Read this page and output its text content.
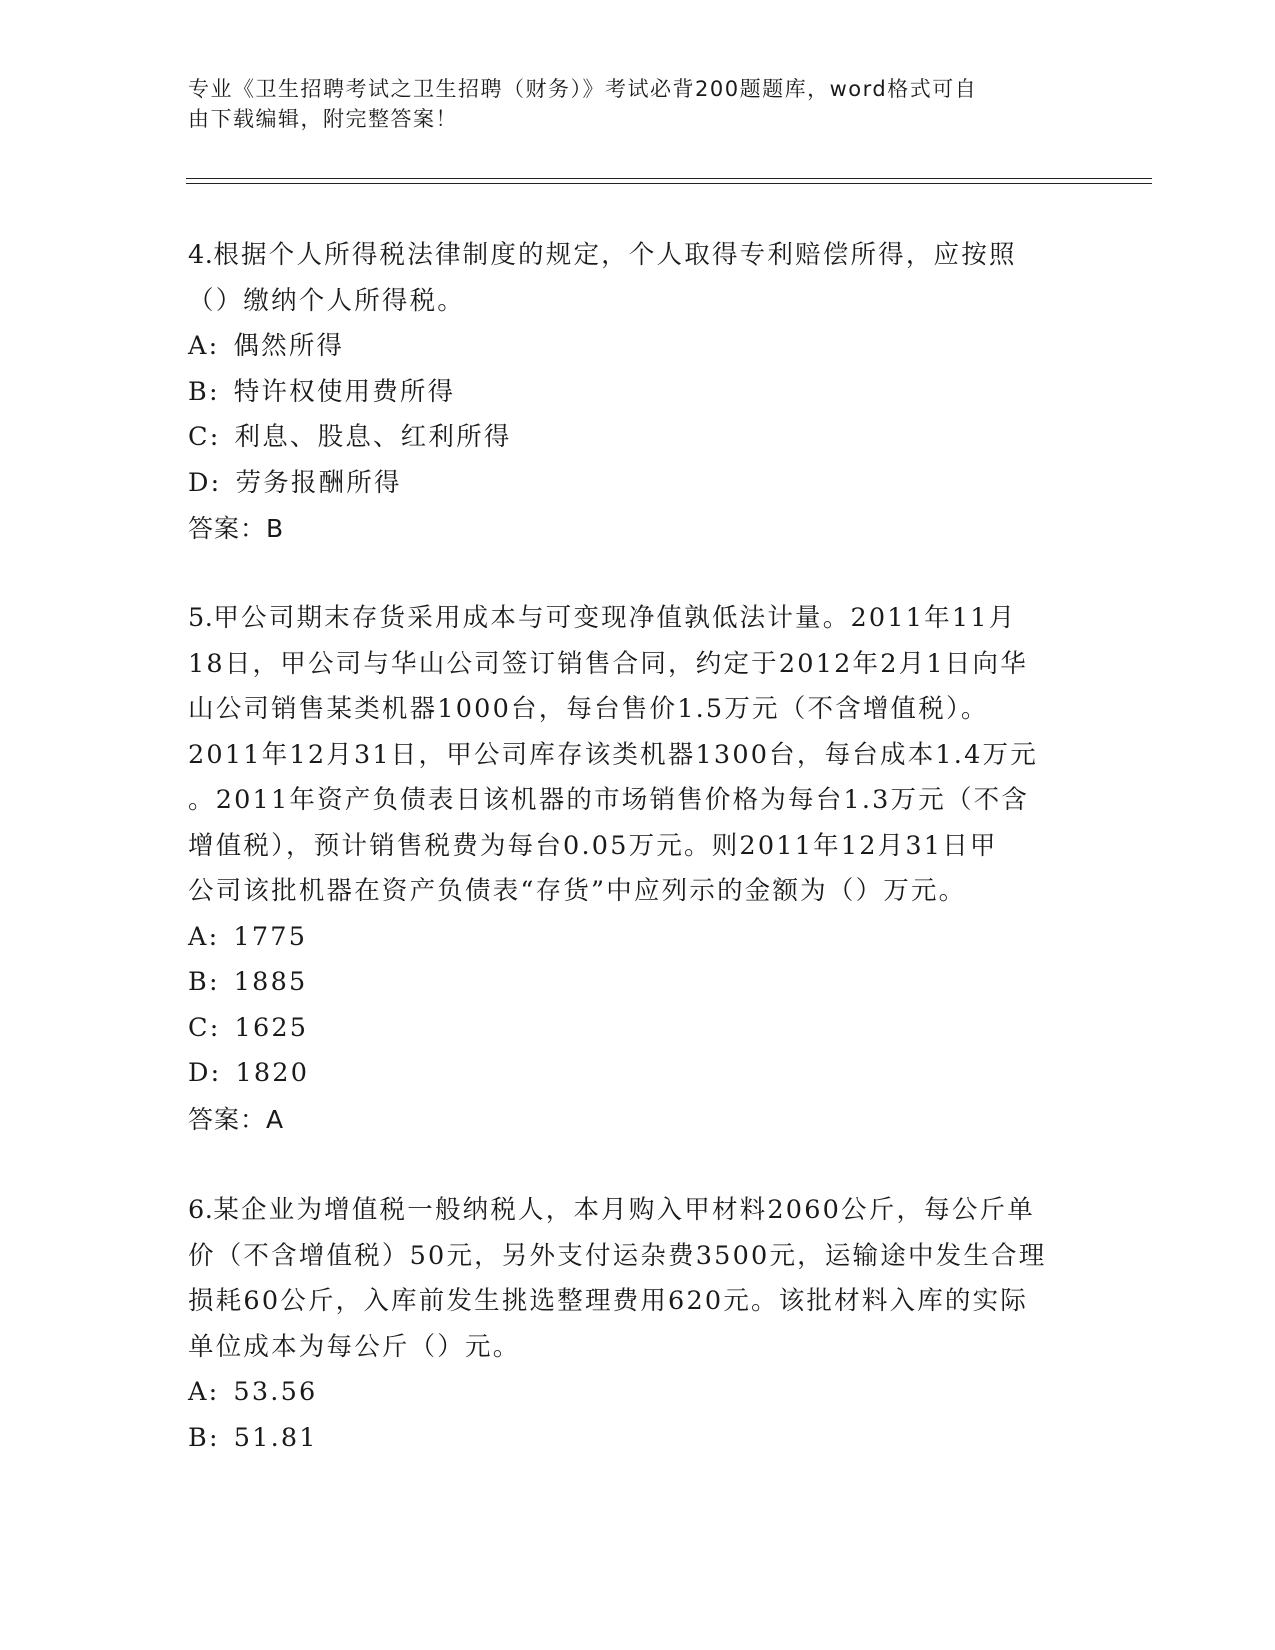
专业《卫生招聘考试之卫生招聘（财务）》考试必背200题题库，word格式可自
由下载编辑，附完整答案！
4.根据个人所得税法律制度的规定，个人取得专利赔偿所得，应按照
（）缴纳个人所得税。
A: 偶然所得
B: 特许权使用费所得
C: 利息、股息、红利所得
D: 劳务报酬所得
答案：B
5.甲公司期末存货采用成本与可变现净值孰低法计量。2011年11月
18日，甲公司与华山公司签订销售合同，约定于2012年2月1日向华
山公司销售某类机器1000台，每台售价1.5万元（不含增值税）。
2011年12月31日，甲公司库存该类机器1300台，每台成本1.4万元
。2011年资产负债表日该机器的市场销售价格为每台1.3万元（不含
增值税），预计销售税费为每台0.05万元。则2011年12月31日甲
公司该批机器在资产负债表“存货”中应列示的金额为（）万元。
A: 1775
B: 1885
C: 1625
D: 1820
答案：A
6.某企业为增值税一般纳税人，本月购入甲材料2060公斤，每公斤单
价（不含增值税）50元，另外支付运杂费3500元，运输途中发生合理
损耗60公斤，入库前发生挑选整理费用620元。该批材料入库的实际
单位成本为每公斤（）元。
A: 53.56
B: 51.81
